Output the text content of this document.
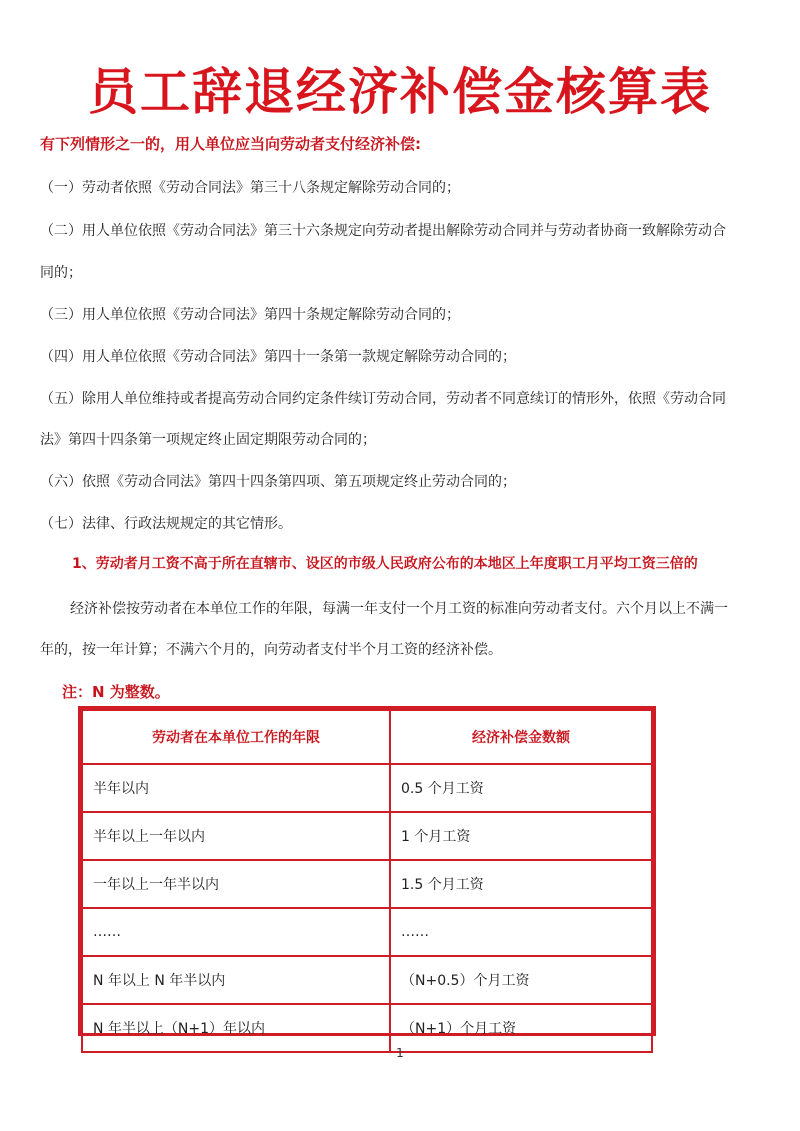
员工辞退经济补偿金核算表
有下列情形之一的，用人单位应当向劳动者支付经济补偿:
（一）劳动者依照《劳动合同法》第三十八条规定解除劳动合同的；
（二）用人单位依照《劳动合同法》第三十六条规定向劳动者提出解除劳动合同并与劳动者协商一致解除劳动合
同的；
（三）用人单位依照《劳动合同法》第四十条规定解除劳动合同的；
（四）用人单位依照《劳动合同法》第四十一条第一款规定解除劳动合同的；
（五）除用人单位维持或者提高劳动合同约定条件续订劳动合同，劳动者不同意续订的情形外，依照《劳动合同
法》第四十四条第一项规定终止固定期限劳动合同的；
（六）依照《劳动合同法》第四十四条第四项、第五项规定终止劳动合同的；
（七）法律、行政法规规定的其它情形。
1、劳动者月工资不高于所在直辖市、设区的市级人民政府公布的本地区上年度职工月平均工资三倍的
经济补偿按劳动者在本单位工作的年限，每满一年支付一个月工资的标准向劳动者支付。六个月以上不满一
年的，按一年计算；不满六个月的，向劳动者支付半个月工资的经济补偿。
注：N 为整数。
劳动者在本单位工作的年限	经济补偿金数额
半年以内	0.5 个月工资
半年以上一年以内	1 个月工资
一年以上一年半以内	1.5 个月工资
……	……
N 年以上 N 年半以内	（N+0.5）个月工资
N 年半以上（N+1）年以内	（N+1）个月工资
1
